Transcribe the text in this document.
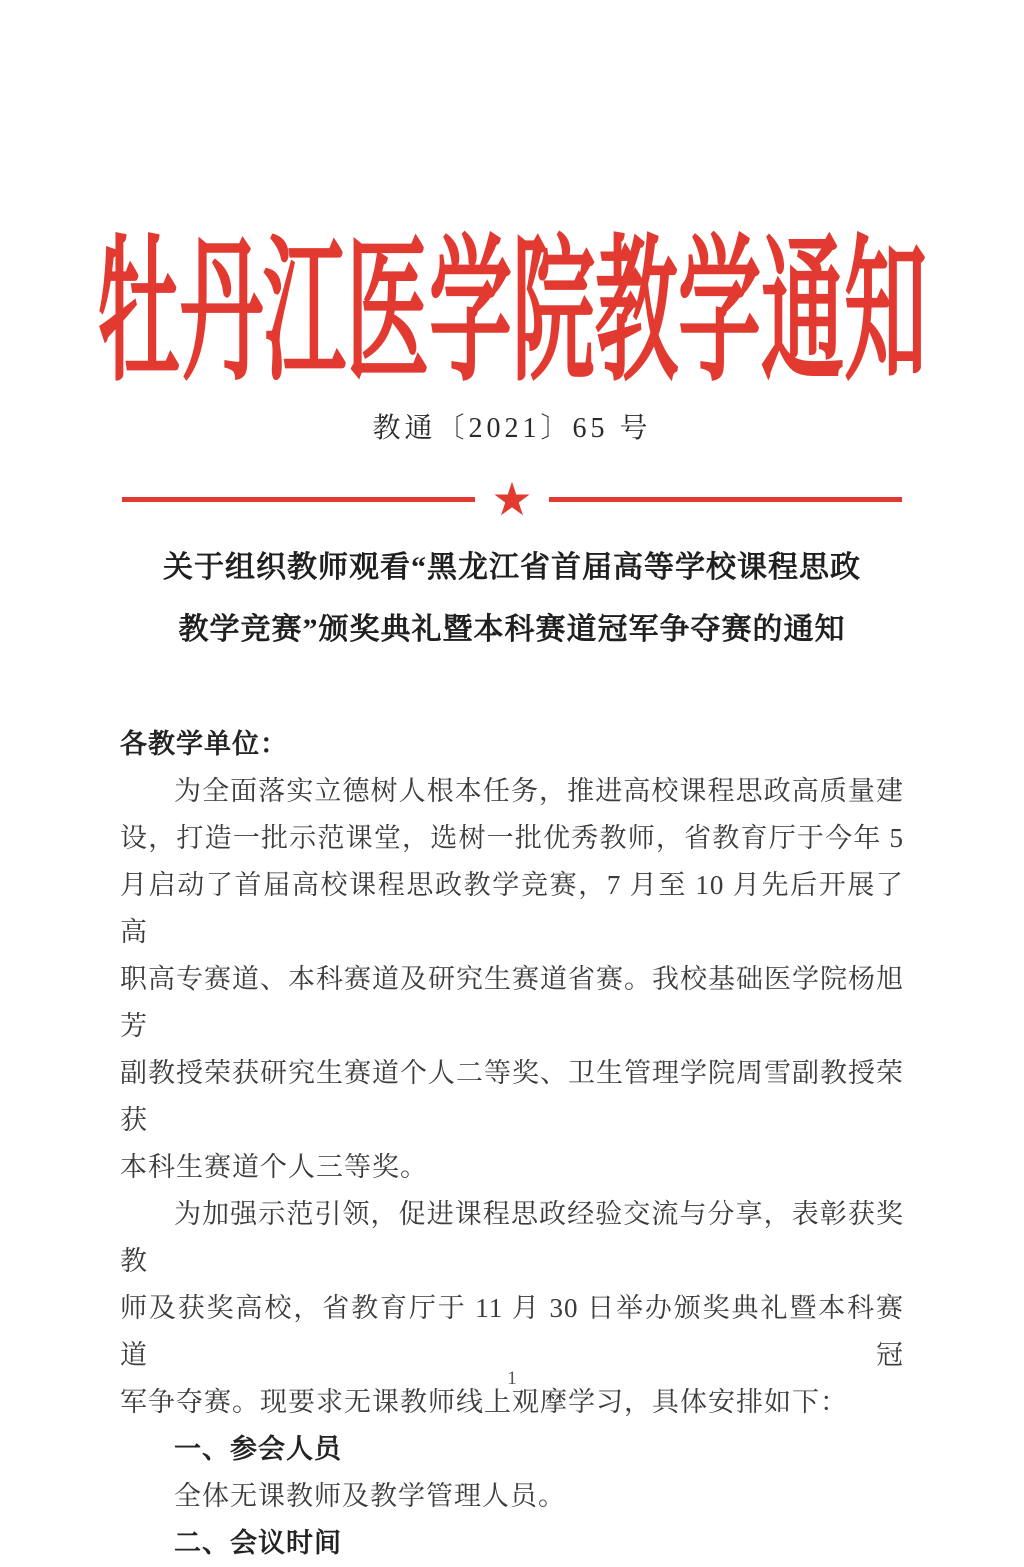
牡丹江医学院教学通知
教通〔2021〕65 号
★
关于组织教师观看“黑龙江省首届高等学校课程思政
教学竞赛”颁奖典礼暨本科赛道冠军争夺赛的通知
各教学单位：
为全面落实立德树人根本任务，推进高校课程思政高质量建
设，打造一批示范课堂，选树一批优秀教师，省教育厅于今年 5
月启动了首届高校课程思政教学竞赛，7 月至 10 月先后开展了高
职高专赛道、本科赛道及研究生赛道省赛。我校基础医学院杨旭芳
副教授荣获研究生赛道个人二等奖、卫生管理学院周雪副教授荣获
本科生赛道个人三等奖。
为加强示范引领，促进课程思政经验交流与分享，表彰获奖教
师及获奖高校，省教育厅于 11 月 30 日举办颁奖典礼暨本科赛道冠
军争夺赛。现要求无课教师线上观摩学习，具体安排如下：
一、参会人员
全体无课教师及教学管理人员。
二、会议时间
1
